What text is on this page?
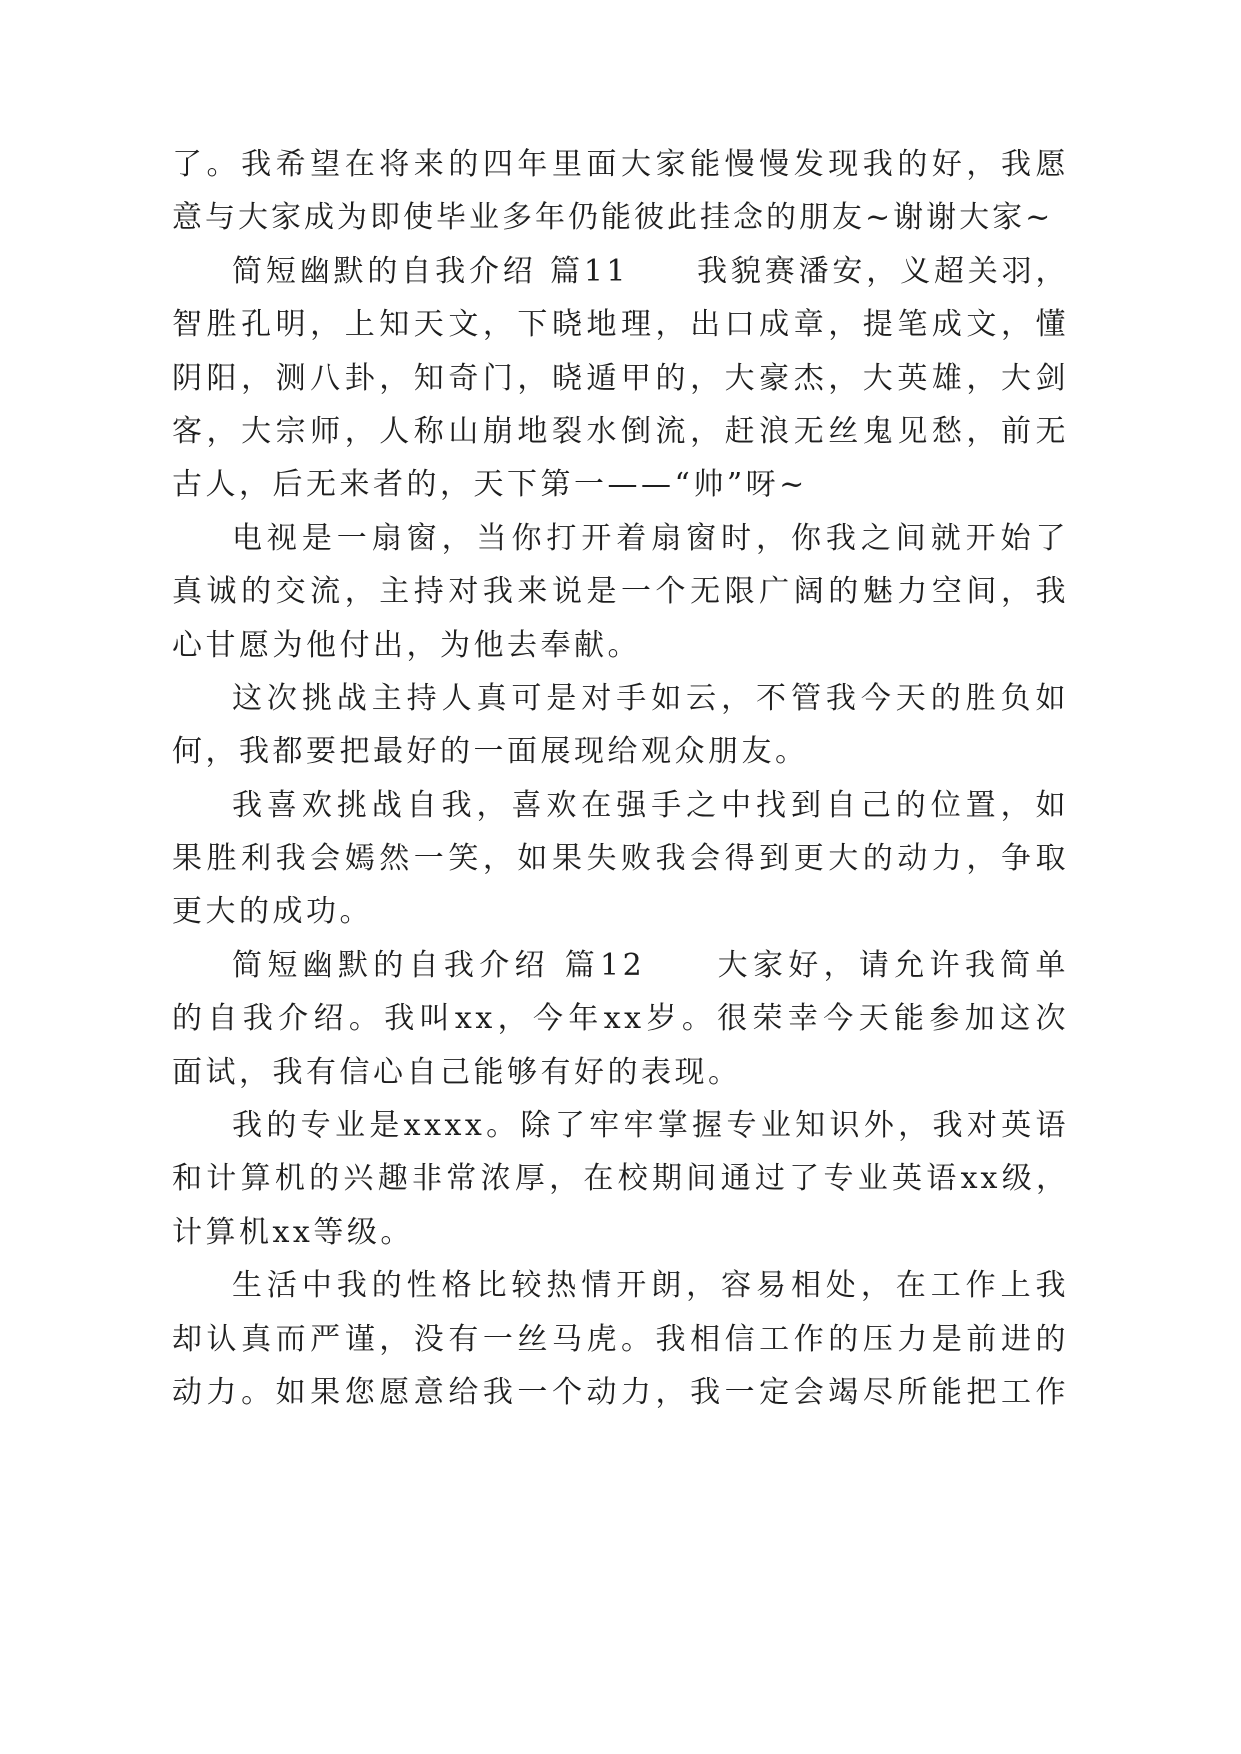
了。我希望在将来的四年里面大家能慢慢发现我的好，我愿
意与大家成为即使毕业多年仍能彼此挂念的朋友~谢谢大家~
简短幽默的自我介绍 篇11　　我貌赛潘安，义超关羽，
智胜孔明，上知天文，下晓地理，出口成章，提笔成文，懂
阴阳，测八卦，知奇门，晓遁甲的，大豪杰，大英雄，大剑
客，大宗师，人称山崩地裂水倒流，赶浪无丝鬼见愁，前无
古人，后无来者的，天下第一——“帅”呀~
电视是一扇窗，当你打开着扇窗时，你我之间就开始了
真诚的交流，主持对我来说是一个无限广阔的魅力空间，我
心甘愿为他付出，为他去奉献。
这次挑战主持人真可是对手如云，不管我今天的胜负如
何，我都要把最好的一面展现给观众朋友。
我喜欢挑战自我，喜欢在强手之中找到自己的位置，如
果胜利我会嫣然一笑，如果失败我会得到更大的动力，争取
更大的成功。
简短幽默的自我介绍 篇12　　大家好，请允许我简单
的自我介绍。我叫xx，今年xx岁。很荣幸今天能参加这次
面试，我有信心自己能够有好的表现。
我的专业是xxxx。除了牢牢掌握专业知识外，我对英语
和计算机的兴趣非常浓厚，在校期间通过了专业英语xx级，
计算机xx等级。
生活中我的性格比较热情开朗，容易相处，在工作上我
却认真而严谨，没有一丝马虎。我相信工作的压力是前进的
动力。如果您愿意给我一个动力，我一定会竭尽所能把工作
